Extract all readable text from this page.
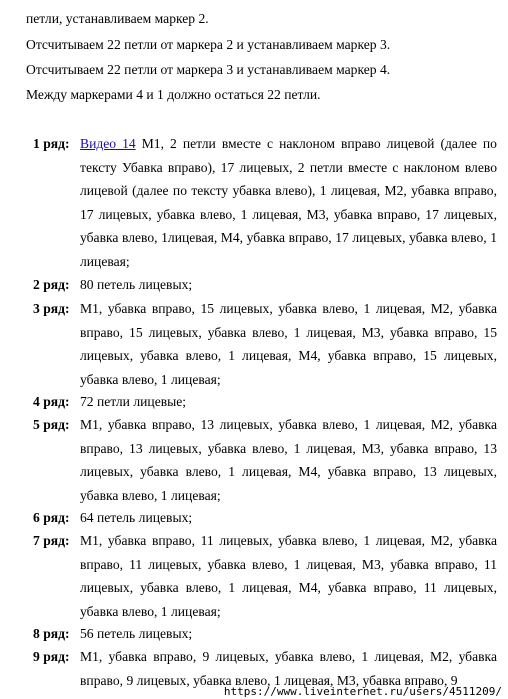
петли, устанавливаем маркер 2.
Отсчитываем 22 петли от маркера 2 и устанавливаем маркер 3.
Отсчитываем 22 петли от маркера 3 и устанавливаем маркер 4.
Между маркерами 4 и 1 должно остаться 22 петли.
1 ряд: Видео 14 М1, 2 петли вместе с наклоном вправо лицевой (далее по тексту Убавка вправо), 17 лицевых, 2 петли вместе с наклоном влево лицевой (далее по тексту убавка влево), 1 лицевая, М2, убавка вправо, 17 лицевых, убавка влево, 1 лицевая, М3, убавка вправо, 17 лицевых, убавка влево, 1лицевая, М4, убавка вправо, 17 лицевых, убавка влево, 1 лицевая;
2 ряд: 80 петель лицевых;
3 ряд: М1, убавка вправо, 15 лицевых, убавка влево, 1 лицевая, М2, убавка вправо, 15 лицевых, убавка влево, 1 лицевая, М3, убавка вправо, 15 лицевых, убавка влево, 1 лицевая, М4, убавка вправо, 15 лицевых, убавка влево, 1 лицевая;
4 ряд: 72 петли лицевые;
5 ряд: М1, убавка вправо, 13 лицевых, убавка влево, 1 лицевая, М2, убавка вправо, 13 лицевых, убавка влево, 1 лицевая, М3, убавка вправо, 13 лицевых, убавка влево, 1 лицевая, М4, убавка вправо, 13 лицевых, убавка влево, 1 лицевая;
6 ряд: 64 петель лицевых;
7 ряд: М1, убавка вправо, 11 лицевых, убавка влево, 1 лицевая, М2, убавка вправо, 11 лицевых, убавка влево, 1 лицевая, М3, убавка вправо, 11 лицевых, убавка влево, 1 лицевая, М4, убавка вправо, 11 лицевых, убавка влево, 1 лицевая;
8 ряд: 56 петель лицевых;
9 ряд: М1, убавка вправо, 9 лицевых, убавка влево, 1 лицевая, М2, убавка вправо, 9 лицевых, убавка влево, 1 лицевая, М3, убавка вправо, 9
https://www.liveinternet.ru/users/4511209/
